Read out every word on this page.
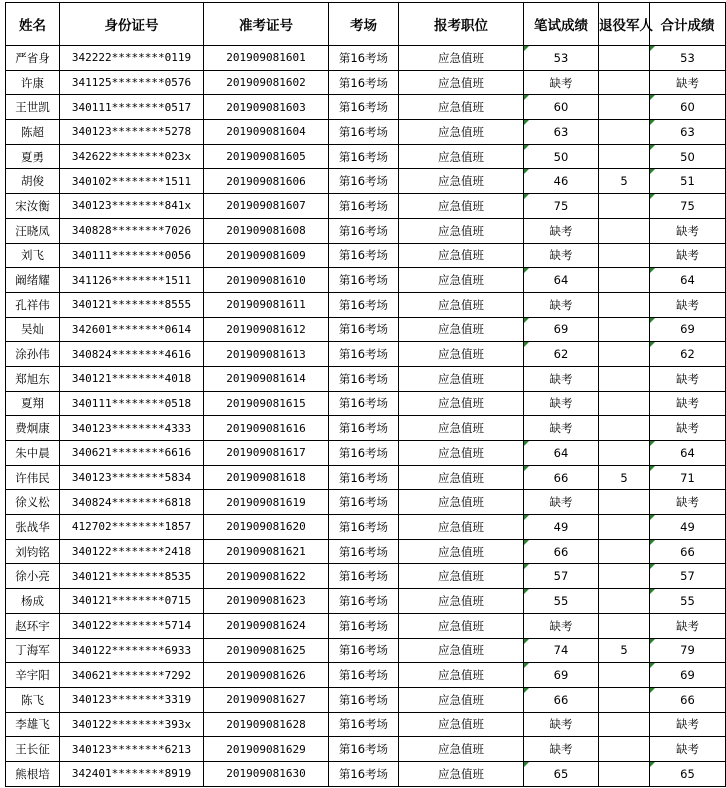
姓名	身份证号	准考证号	考场	报考职位	笔试成绩	退役军人	合计成绩
严省身	342222********0119	201909081601	第16考场	应急值班	53		53
许康	341125********0576	201909081602	第16考场	应急值班	缺考		缺考
王世凯	340111********0517	201909081603	第16考场	应急值班	60		60
陈超	340123********5278	201909081604	第16考场	应急值班	63		63
夏勇	342622********023x	201909081605	第16考场	应急值班	50		50
胡俊	340102********1511	201909081606	第16考场	应急值班	46	5	51
宋汝衡	340123********841x	201909081607	第16考场	应急值班	75		75
汪晓凤	340828********7026	201909081608	第16考场	应急值班	缺考		缺考
刘飞	340111********0056	201909081609	第16考场	应急值班	缺考		缺考
阚绪耀	341126********1511	201909081610	第16考场	应急值班	64		64
孔祥伟	340121********8555	201909081611	第16考场	应急值班	缺考		缺考
吴灿	342601********0614	201909081612	第16考场	应急值班	69		69
涂孙伟	340824********4616	201909081613	第16考场	应急值班	62		62
郑旭东	340121********4018	201909081614	第16考场	应急值班	缺考		缺考
夏翔	340111********0518	201909081615	第16考场	应急值班	缺考		缺考
费炯康	340123********4333	201909081616	第16考场	应急值班	缺考		缺考
朱中晨	340621********6616	201909081617	第16考场	应急值班	64		64
许伟民	340123********5834	201909081618	第16考场	应急值班	66	5	71
徐义松	340824********6818	201909081619	第16考场	应急值班	缺考		缺考
张战华	412702********1857	201909081620	第16考场	应急值班	49		49
刘钧铭	340122********2418	201909081621	第16考场	应急值班	66		66
徐小亮	340121********8535	201909081622	第16考场	应急值班	57		57
杨成	340121********0715	201909081623	第16考场	应急值班	55		55
赵环宇	340122********5714	201909081624	第16考场	应急值班	缺考		缺考
丁海军	340122********6933	201909081625	第16考场	应急值班	74	5	79
辛宇阳	340621********7292	201909081626	第16考场	应急值班	69		69
陈飞	340123********3319	201909081627	第16考场	应急值班	66		66
李雄飞	340122********393x	201909081628	第16考场	应急值班	缺考		缺考
王长征	340123********6213	201909081629	第16考场	应急值班	缺考		缺考
熊根培	342401********8919	201909081630	第16考场	应急值班	65		65
